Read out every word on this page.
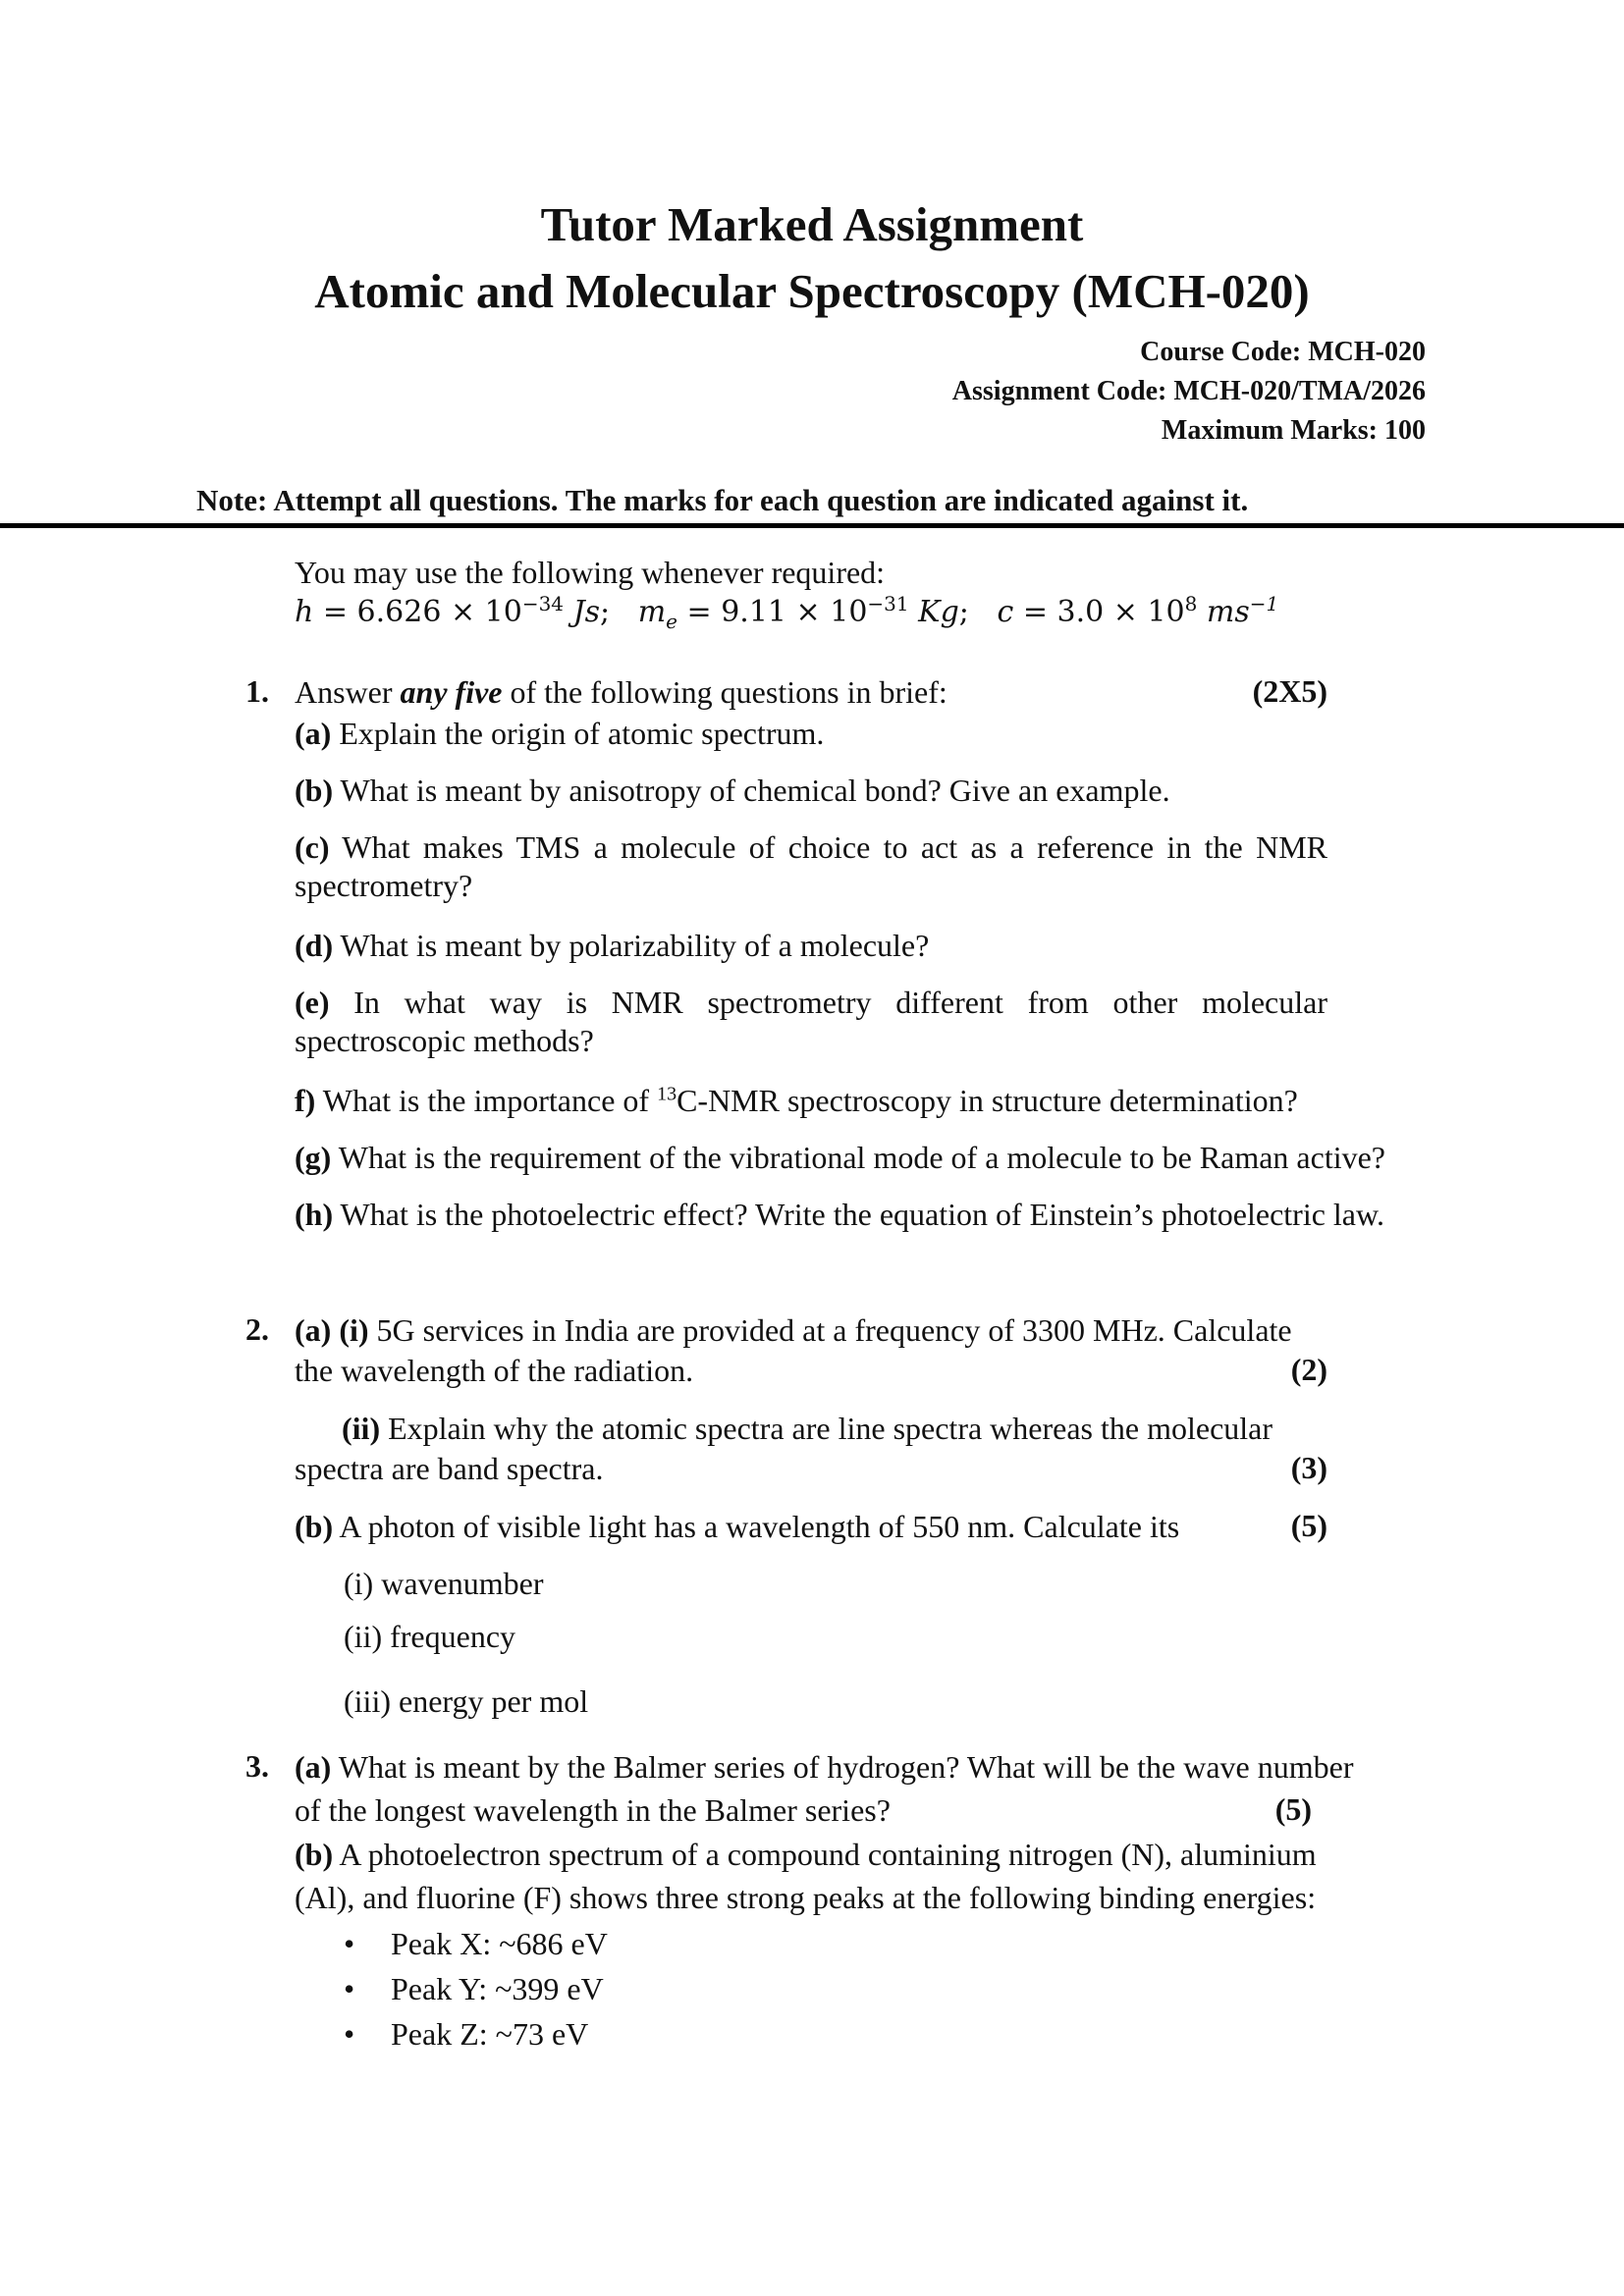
Tutor Marked Assignment
Atomic and Molecular Spectroscopy (MCH-020)
Course Code: MCH-020
Assignment Code: MCH-020/TMA/2026
Maximum Marks: 100
Note: Attempt all questions. The marks for each question are indicated against it.
You may use the following whenever required:
$h = 6.626 \times 10^{-34}$ Js; $m_e = 9.11 \times 10^{-31}$ Kg; $c = 3.0 \times 10^8$ $ms^{-1}$
1. Answer any five of the following questions in brief:	(2X5)
(a) Explain the origin of atomic spectrum.
(b) What is meant by anisotropy of chemical bond? Give an example.
(c) What makes TMS a molecule of choice to act as a reference in the NMR
spectrometry?
(d) What is meant by polarizability of a molecule?
(e) In what way is NMR spectrometry different from other molecular
spectroscopic methods?
f) What is the importance of $^{13}$C-NMR spectroscopy in structure determination?
(g) What is the requirement of the vibrational mode of a molecule to be Raman active?
(h) What is the photoelectric effect? Write the equation of Einstein’s photoelectric law.
2. (a) (i) 5G services in India are provided at a frequency of 3300 MHz. Calculate
the wavelength of the radiation.	(2)
(ii) Explain why the atomic spectra are line spectra whereas the molecular
spectra are band spectra.	(3)
(b) A photon of visible light has a wavelength of 550 nm. Calculate its	(5)
(i) wavenumber
(ii) frequency
(iii) energy per mol
3. (a) What is meant by the Balmer series of hydrogen? What will be the wave number
of the longest wavelength in the Balmer series?	(5)
(b) A photoelectron spectrum of a compound containing nitrogen (N), aluminium
(Al), and fluorine (F) shows three strong peaks at the following binding energies:
• Peak X: ~686 eV
• Peak Y: ~399 eV
• Peak Z: ~73 eV
